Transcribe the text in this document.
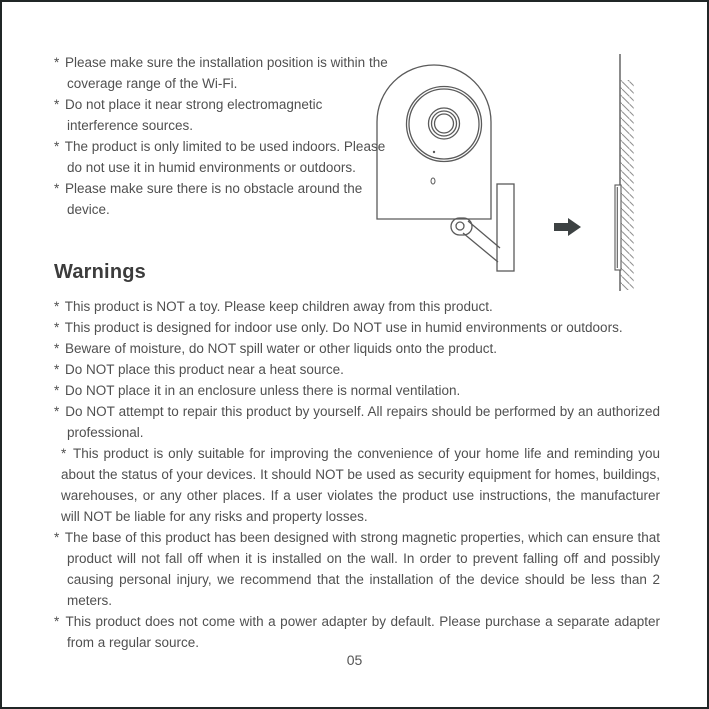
* Please make sure the installation position is within the coverage range of the Wi-Fi.
* Do not place it near strong electromagnetic interference sources.
* The product is only limited to be used indoors. Please do not use it in humid environments or outdoors.
* Please make sure there is no obstacle around the device.
Warnings
* This product is NOT a toy. Please keep children away from this product.
* This product is designed for indoor use only. Do NOT use in humid environments or outdoors.
* Beware of moisture, do NOT spill water or other liquids onto the product.
* Do NOT place this product near a heat source.
* Do NOT place it in an enclosure unless there is normal ventilation.
* Do NOT attempt to repair this product by yourself. All repairs should be performed by an authorized professional.
* This product is only suitable for improving the convenience of your home life and reminding you about the status of your devices. It should NOT be used as security equipment for homes, buildings, warehouses, or any other places. If a user violates the product use instructions, the manufacturer will NOT be liable for any risks and property losses.
* The base of this product has been designed with strong magnetic properties, which can ensure that product will not fall off when it is installed on the wall. In order to prevent falling off and possibly causing personal injury, we recommend that the installation of the device should be less than 2 meters.
* This product does not come with a power adapter by default. Please purchase a separate adapter from a regular source.
05
